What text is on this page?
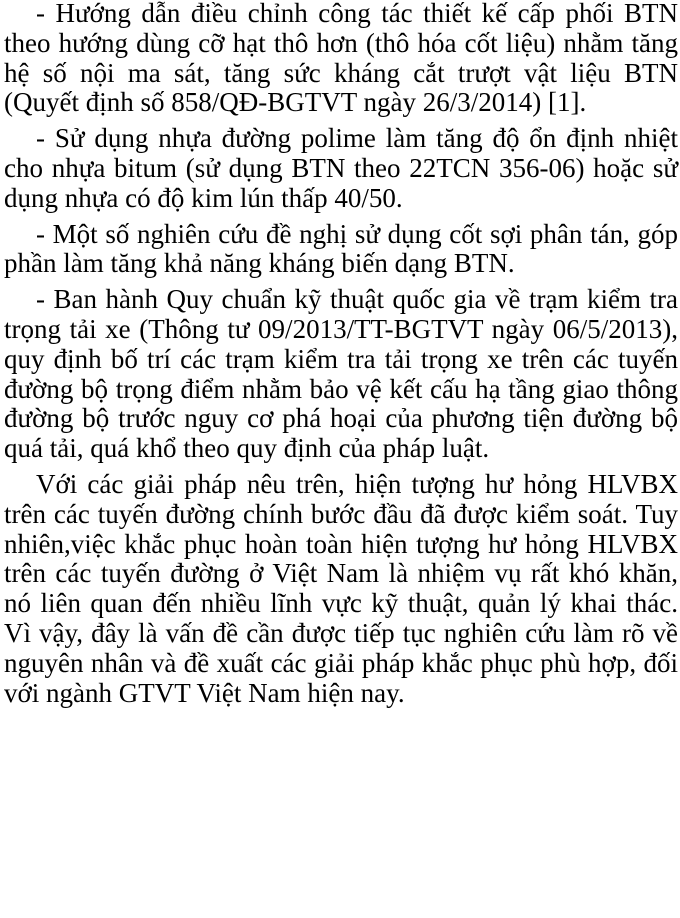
- Hướng dẫn điều chỉnh công tác thiết kế cấp phối BTN theo hướng dùng cỡ hạt thô hơn (thô hóa cốt liệu) nhằm tăng hệ số nội ma sát, tăng sức kháng cắt trượt vật liệu BTN (Quyết định số 858/QĐ-BGTVT ngày 26/3/2014) [1].

- Sử dụng nhựa đường polime làm tăng độ ổn định nhiệt cho nhựa bitum (sử dụng BTN theo 22TCN 356-06) hoặc sử dụng nhựa có độ kim lún thấp 40/50.

- Một số nghiên cứu đề nghị sử dụng cốt sợi phân tán, góp phần làm tăng khả năng kháng biến dạng BTN.

- Ban hành Quy chuẩn kỹ thuật quốc gia về trạm kiểm tra trọng tải xe (Thông tư 09/2013/TT-BGTVT ngày 06/5/2013), quy định bố trí các trạm kiểm tra tải trọng xe trên các tuyến đường bộ trọng điểm nhằm bảo vệ kết cấu hạ tầng giao thông đường bộ trước nguy cơ phá hoại của phương tiện đường bộ quá tải, quá khổ theo quy định của pháp luật.

Với các giải pháp nêu trên, hiện tượng hư hỏng HLVBX trên các tuyến đường chính bước đầu đã được kiểm soát. Tuy nhiên,việc khắc phục hoàn toàn hiện tượng hư hỏng HLVBX trên các tuyến đường ở Việt Nam là nhiệm vụ rất khó khăn, nó liên quan đến nhiều lĩnh vực kỹ thuật, quản lý khai thác. Vì vậy, đây là vấn đề cần được tiếp tục nghiên cứu làm rõ về nguyên nhân và đề xuất các giải pháp khắc phục phù hợp, đối với ngành GTVT Việt Nam hiện nay.
